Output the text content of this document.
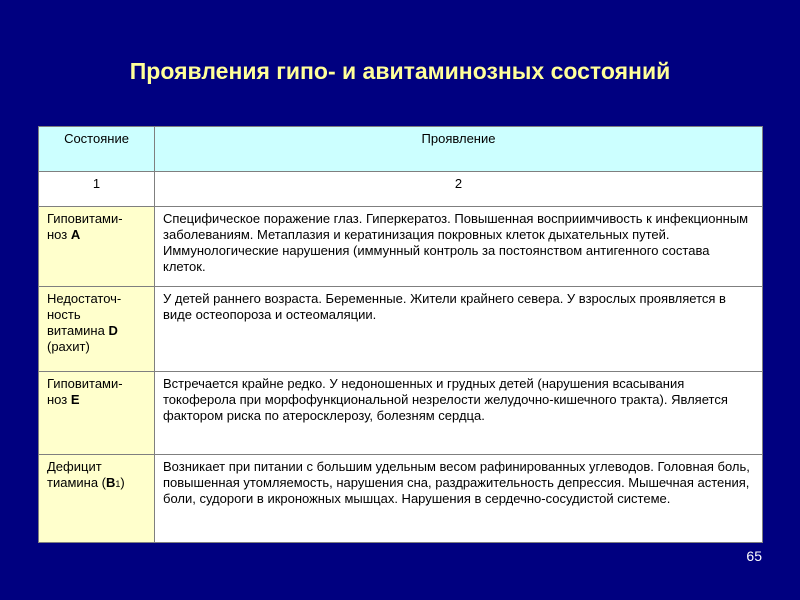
Проявления гипо- и авитаминозных состояний
Состояние	Проявление
1	2
Гиповитами-
ноз А	Специфическое поражение глаз. Гиперкератоз. Повышенная восприимчивость к инфекционным заболеваниям. Метаплазия и кератинизация покровных клеток дыхательных путей. Иммунологические нарушения (иммунный контроль за постоянством антигенного состава клеток.
Недостаточ-
ность
витамина D
(рахит)	У детей раннего возраста. Беременные. Жители крайнего севера. У взрослых проявляется в виде остеопороза и остеомаляции.
Гиповитами-
ноз Е	Встречается крайне редко. У недоношенных и грудных детей (нарушения всасывания токоферола при морфофункциональной незрелости желудочно-кишечного тракта). Является фактором риска по атеросклерозу, болезням сердца.
Дефицит
тиамина (В1)	Возникает при питании с большим удельным весом рафинированных углеводов. Головная боль, повышенная утомляемость, нарушения сна, раздражительность депрессия. Мышечная астения, боли, судороги в икроножных мышцах. Нарушения в сердечно-сосудистой системе.
65
